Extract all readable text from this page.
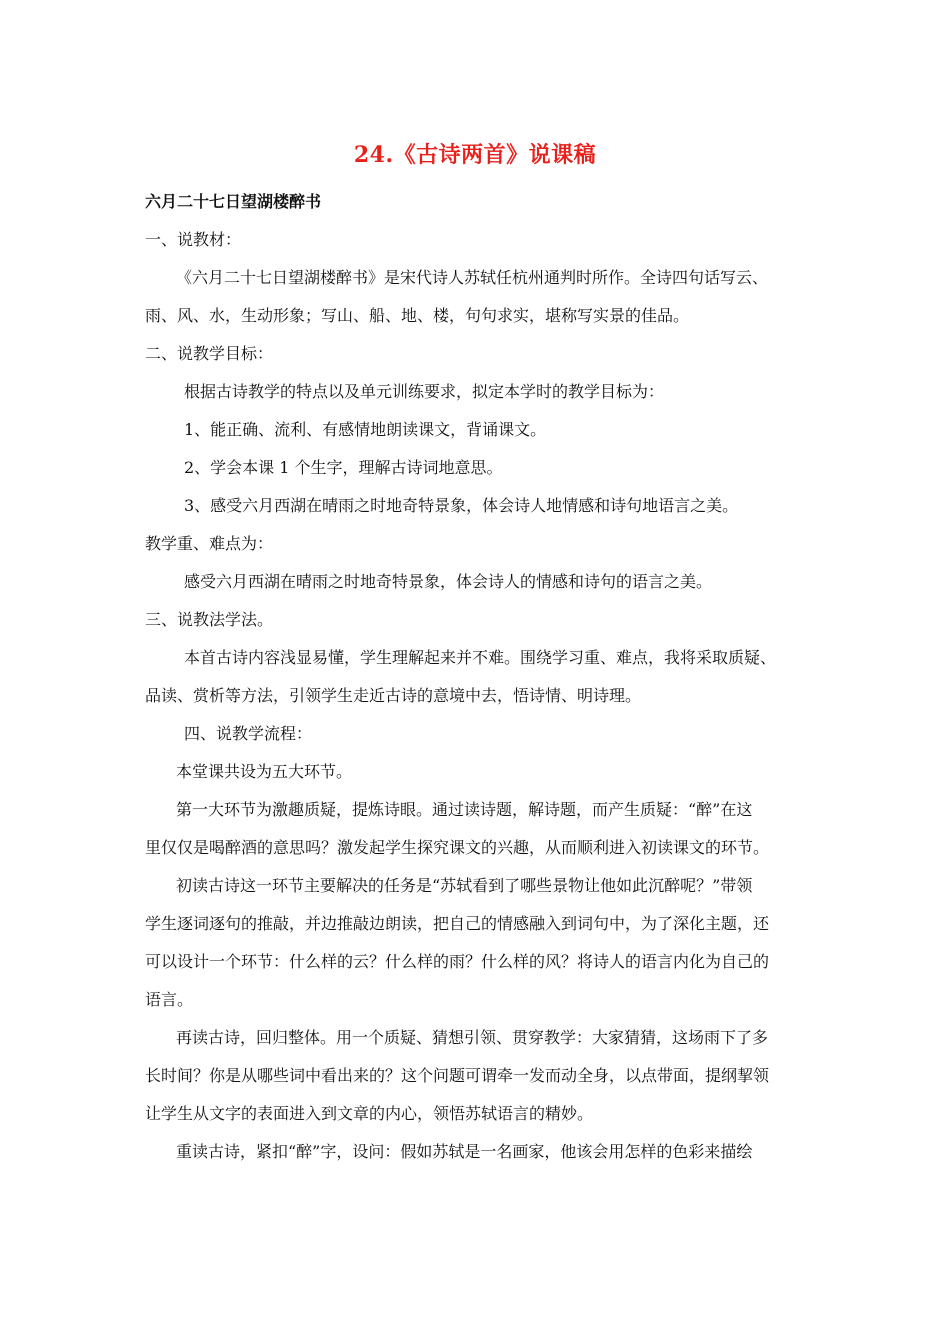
24.《古诗两首》说课稿
六月二十七日望湖楼醉书
一、说教材：
《六月二十七日望湖楼醉书》是宋代诗人苏轼任杭州通判时所作。全诗四句话写云、
雨、风、水，生动形象；写山、船、地、楼，句句求实，堪称写实景的佳品。
二、说教学目标：
根据古诗教学的特点以及单元训练要求，拟定本学时的教学目标为：
1、能正确、流利、有感情地朗读课文，背诵课文。
2、学会本课 1 个生字，理解古诗词地意思。
3、感受六月西湖在晴雨之时地奇特景象，体会诗人地情感和诗句地语言之美。
教学重、难点为：
感受六月西湖在晴雨之时地奇特景象，体会诗人的情感和诗句的语言之美。
三、说教法学法。
本首古诗内容浅显易懂，学生理解起来并不难。围绕学习重、难点，我将采取质疑、
品读、赏析等方法，引领学生走近古诗的意境中去，悟诗情、明诗理。
四、说教学流程：
本堂课共设为五大环节。
第一大环节为激趣质疑，提炼诗眼。通过读诗题，解诗题，而产生质疑：“醉”在这
里仅仅是喝醉酒的意思吗？激发起学生探究课文的兴趣，从而顺利进入初读课文的环节。
初读古诗这一环节主要解决的任务是“苏轼看到了哪些景物让他如此沉醉呢？”带领
学生逐词逐句的推敲，并边推敲边朗读，把自己的情感融入到词句中，为了深化主题，还
可以设计一个环节：什么样的云？什么样的雨？什么样的风？将诗人的语言内化为自己的
语言。
再读古诗，回归整体。用一个质疑、猜想引领、贯穿教学：大家猜猜，这场雨下了多
长时间？你是从哪些词中看出来的？这个问题可谓牵一发而动全身，以点带面，提纲挈领
让学生从文字的表面进入到文章的内心，领悟苏轼语言的精妙。
重读古诗，紧扣“醉”字，设问：假如苏轼是一名画家，他该会用怎样的色彩来描绘
